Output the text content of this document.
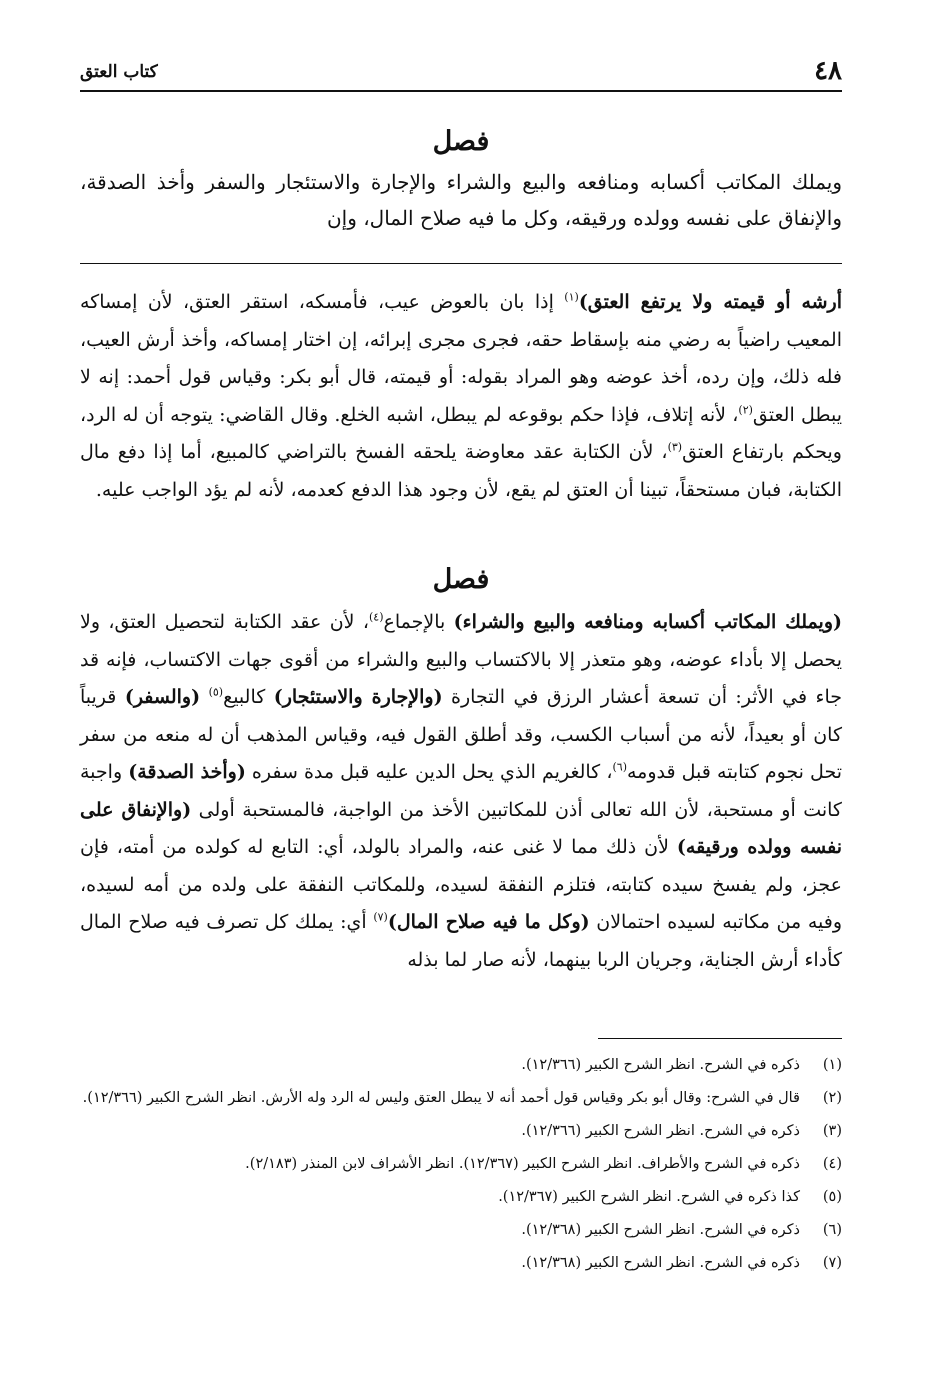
٤٨
كتاب العتق
فصل
ويملك المكاتب أكسابه ومنافعه والبيع والشراء والإجارة والاستئجار والسفر وأخذ الصدقة، والإنفاق على نفسه وولده ورقيقه، وكل ما فيه صلاح المال، وإن
أرشه أو قيمته ولا يرتفع العتق)$^{(١)}$ إذا بان بالعوض عيب، فأمسكه، استقر العتق، لأن إمساكه المعيب راضياً به رضي منه بإسقاط حقه، فجرى مجرى إبرائه، إن اختار إمساكه، وأخذ أرش العيب، فله ذلك، وإن رده، أخذ عوضه وهو المراد بقوله: أو قيمته، قال أبو بكر: وقياس قول أحمد: إنه لا يبطل العتق$^{(٢)}$، لأنه إتلاف، فإذا حكم بوقوعه لم يبطل، اشبه الخلع. وقال القاضي: يتوجه أن له الرد، ويحكم بارتفاع العتق$^{(٣)}$، لأن الكتابة عقد معاوضة يلحقه الفسخ بالتراضي كالمبيع، أما إذا دفع مال الكتابة، فبان مستحقاً، تبينا أن العتق لم يقع، لأن وجود هذا الدفع كعدمه، لأنه لم يؤد الواجب عليه.
فصل
(ويملك المكاتب أكسابه ومنافعه والبيع والشراء) بالإجماع$^{(٤)}$، لأن عقد الكتابة لتحصيل العتق، ولا يحصل إلا بأداء عوضه، وهو متعذر إلا بالاكتساب والبيع والشراء من أقوى جهات الاكتساب، فإنه قد جاء في الأثر: أن تسعة أعشار الرزق في التجارة (والإجارة والاستئجار) كالبيع$^{(٥)}$ (والسفر) قريباً كان أو بعيداً، لأنه من أسباب الكسب، وقد أطلق القول فيه، وقياس المذهب أن له منعه من سفر تحل نجوم كتابته قبل قدومه$^{(٦)}$، كالغريم الذي يحل الدين عليه قبل مدة سفره (وأخذ الصدقة) واجبة كانت أو مستحبة، لأن الله تعالى أذن للمكاتبين الأخذ من الواجبة، فالمستحبة أولى (والإنفاق على نفسه وولده ورقيقه) لأن ذلك مما لا غنى عنه، والمراد بالولد، أي: التابع له كولده من أمته، فإن عجز، ولم يفسخ سيده كتابته، فتلزم النفقة لسيده، وللمكاتب النفقة على ولده من أمه لسيده، وفيه من مكاتبه لسيده احتمالان (وكل ما فيه صلاح المال)$^{(٧)}$ أي: يملك كل تصرف فيه صلاح المال كأداء أرش الجناية، وجريان الربا بينهما، لأنه صار لما بذله
(١)
ذكره في الشرح. انظر الشرح الكبير (١٢/٣٦٦).
(٢)
قال في الشرح: وقال أبو بكر وقياس قول أحمد أنه لا يبطل العتق وليس له الرد وله الأرش. انظر الشرح الكبير (١٢/٣٦٦).
(٣)
ذكره في الشرح. انظر الشرح الكبير (١٢/٣٦٦).
(٤)
ذكره في الشرح والأطراف. انظر الشرح الكبير (١٢/٣٦٧). انظر الأشراف لابن المنذر (٢/١٨٣).
(٥)
كذا ذكره في الشرح. انظر الشرح الكبير (١٢/٣٦٧).
(٦)
ذكره في الشرح. انظر الشرح الكبير (١٢/٣٦٨).
(٧)
ذكره في الشرح. انظر الشرح الكبير (١٢/٣٦٨).
